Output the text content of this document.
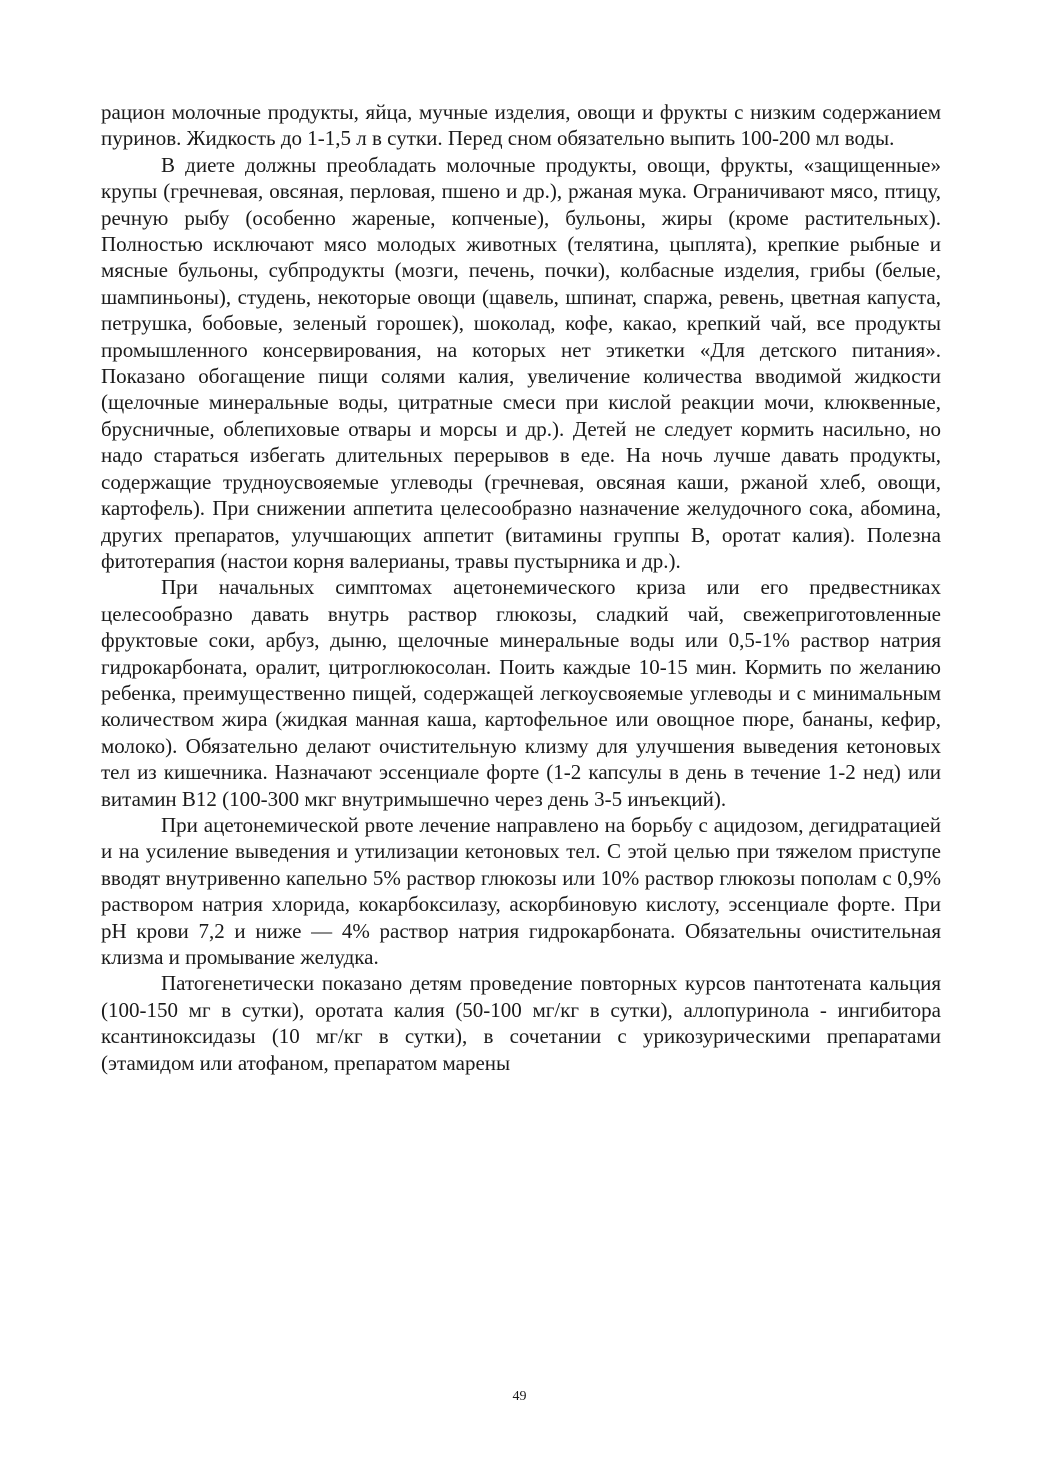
рацион молочные продукты, яйца, мучные изделия, овощи и фрукты с низким содержанием пуринов. Жидкость до 1-1,5 л в сутки. Перед сном обязательно выпить 100-200 мл воды.

В диете должны преобладать молочные продукты, овощи, фрукты, «защищенные» крупы (гречневая, овсяная, перловая, пшено и др.), ржаная мука. Ограничивают мясо, птицу, речную рыбу (особенно жареные, копченые), бульоны, жиры (кроме растительных). Полностью исключают мясо молодых животных (телятина, цыплята), крепкие рыбные и мясные бульоны, субпродукты (мозги, печень, почки), колбасные изделия, грибы (белые, шампиньоны), студень, некоторые овощи (щавель, шпинат, спаржа, ревень, цветная капуста, петрушка, бобовые, зеленый горошек), шоколад, кофе, какао, крепкий чай, все продукты промышленного консервирования, на которых нет этикетки «Для детского питания». Показано обогащение пищи солями калия, увеличение количества вводимой жидкости (щелочные минеральные воды, цитратные смеси при кислой реакции мочи, клюквенные, брусничные, облепиховые отвары и морсы и др.). Детей не следует кормить насильно, но надо стараться избегать длительных перерывов в еде. На ночь лучше давать продукты, содержащие трудноусвояемые углеводы (гречневая, овсяная каши, ржаной хлеб, овощи, картофель). При снижении аппетита целесообразно назначение желудочного сока, абомина, других препаратов, улучшающих аппетит (витамины группы В, оротат калия). Полезна фитотерапия (настои корня валерианы, травы пустырника и др.).

При начальных симптомах ацетонемического криза или его предвестниках целесообразно давать внутрь раствор глюкозы, сладкий чай, свежеприготовленные фруктовые соки, арбуз, дыню, щелочные минеральные воды или 0,5-1% раствор натрия гидрокарбоната, оралит, цитроглюкосолан. Поить каждые 10-15 мин. Кормить по желанию ребенка, преимущественно пищей, содержащей легкоусвояемые углеводы и с минимальным количеством жира (жидкая манная каша, картофельное или овощное пюре, бананы, кефир, молоко). Обязательно делают очистительную клизму для улучшения выведения кетоновых тел из кишечника. Назначают эссенциале форте (1-2 капсулы в день в течение 1-2 нед) или витамин В12 (100-300 мкг внутримышечно через день 3-5 инъекций).

При ацетонемической рвоте лечение направлено на борьбу с ацидозом, дегидратацией и на усиление выведения и утилизации кетоновых тел. С этой целью при тяжелом приступе вводят внутривенно капельно 5% раствор глюкозы или 10% раствор глюкозы пополам с 0,9% раствором натрия хлорида, кокарбоксилазу, аскорбиновую кислоту, эссенциале форте. При рН крови 7,2 и ниже — 4% раствор натрия гидрокарбоната. Обязательны очистительная клизма и промывание желудка.

Патогенетически показано детям проведение повторных курсов пантотената кальция (100-150 мг в сутки), оротата калия (50-100 мг/кг в сутки), аллопуринола - ингибитора ксантиноксидазы (10 мг/кг в сутки), в сочетании с урикозурическими препаратами (этамидом или атофаном, препаратом марены

49
